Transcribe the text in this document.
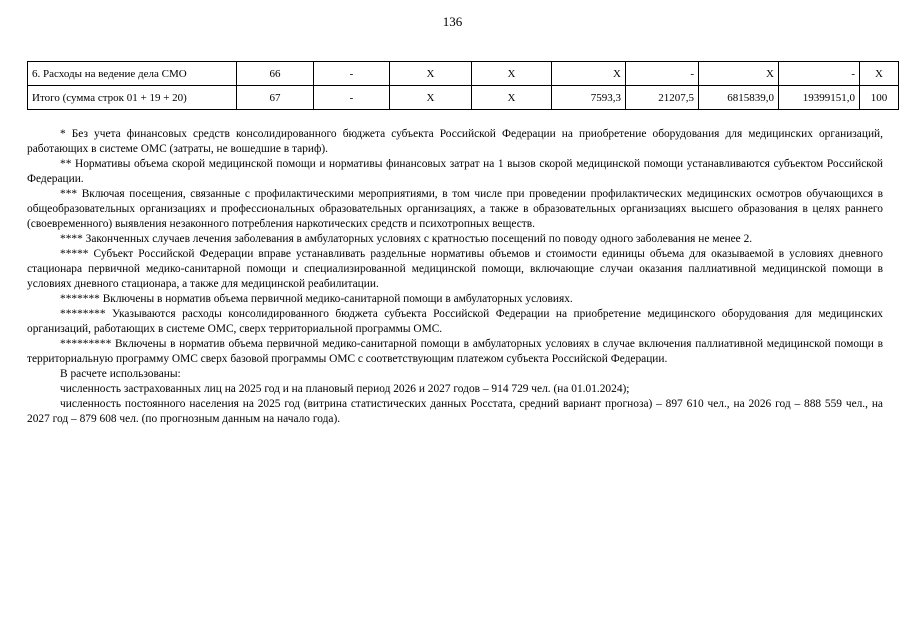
136
6. Расходы на ведение дела СМО	66	-	X	X	X	-	X	-	X
Итого (сумма строк 01 + 19 + 20)	67	-	X	X	7593,3	21207,5	6815839,0	19399151,0	100

* Без учета финансовых средств консолидированного бюджета субъекта Российской Федерации на приобретение оборудования для медицинских организаций, работающих в системе ОМС (затраты, не вошедшие в тариф).

** Нормативы объема скорой медицинской помощи и нормативы финансовых затрат на 1 вызов скорой медицинской помощи устанавливаются субъектом Российской Федерации.

*** Включая посещения, связанные с профилактическими мероприятиями, в том числе при проведении профилактических медицинских осмотров обучающихся в общеобразовательных организациях и профессиональных образовательных организациях, а также в образовательных организациях высшего образования в целях раннего (своевременного) выявления незаконного потребления наркотических средств и психотропных веществ.

**** Законченных случаев лечения заболевания в амбулаторных условиях с кратностью посещений по поводу одного заболевания не менее 2.

***** Субъект Российской Федерации вправе устанавливать раздельные нормативы объемов и стоимости единицы объема для оказываемой в условиях дневного стационара первичной медико-санитарной помощи и специализированной медицинской помощи, включающие случаи оказания паллиативной медицинской помощи в условиях дневного стационара, а также для медицинской реабилитации.

******* Включены в норматив объема первичной медико-санитарной помощи в амбулаторных условиях.

******** Указываются расходы консолидированного бюджета субъекта Российской Федерации на приобретение медицинского оборудования для медицинских организаций, работающих в системе ОМС, сверх территориальной программы ОМС.

********* Включены в норматив объема первичной медико-санитарной помощи в амбулаторных условиях в случае включения паллиативной медицинской помощи в территориальную программу ОМС сверх базовой программы ОМС с соответствующим платежом субъекта Российской Федерации.

В расчете использованы:

численность застрахованных лиц на 2025 год и на плановый период 2026 и 2027 годов – 914 729 чел. (на 01.01.2024);

численность постоянного населения на 2025 год (витрина статистических данных Росстата, средний вариант прогноза) – 897 610 чел., на 2026 год – 888 559 чел., на 2027 год – 879 608 чел. (по прогнозным данным на начало года).
